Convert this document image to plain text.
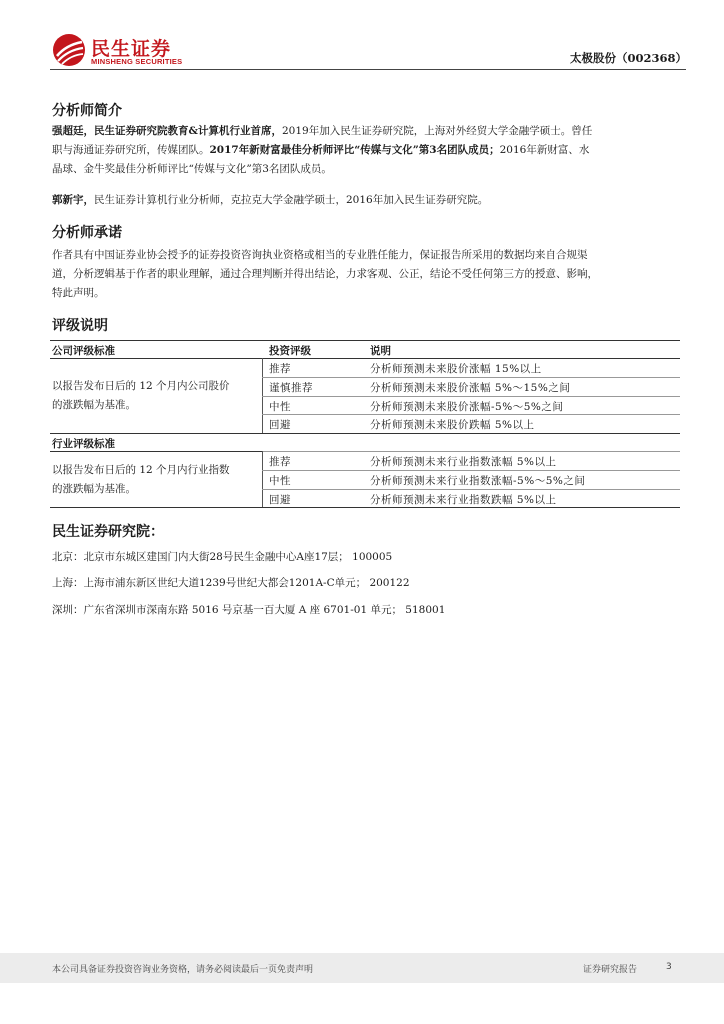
民生证券
MINSHENG SECURITIES	太极股份（002368）
分析师简介
强超廷，民生证券研究院教育&计算机行业首席，2019年加入民生证券研究院，上海对外经贸大学金融学硕士。曾任
职与海通证券研究所，传媒团队。2017年新财富最佳分析师评比“传媒与文化”第3名团队成员；2016年新财富、水
晶球、金牛奖最佳分析师评比“传媒与文化”第3名团队成员。
郭新宇，民生证券计算机行业分析师，克拉克大学金融学硕士，2016年加入民生证券研究院。
分析师承诺
作者具有中国证券业协会授予的证券投资咨询执业资格或相当的专业胜任能力，保证报告所采用的数据均来自合规渠
道，分析逻辑基于作者的职业理解，通过合理判断并得出结论，力求客观、公正，结论不受任何第三方的授意、影响，
特此声明。
评级说明
公司评级标准	投资评级	说明
以报告发布日后的 12 个月内公司股价
的涨跌幅为基准。
推荐	分析师预测未来股价涨幅 15%以上
谨慎推荐	分析师预测未来股价涨幅 5%～15%之间
中性	分析师预测未来股价涨幅-5%～5%之间
回避	分析师预测未来股价跌幅 5%以上
行业评级标准
以报告发布日后的 12 个月内行业指数
的涨跌幅为基准。
推荐	分析师预测未来行业指数涨幅 5%以上
中性	分析师预测未来行业指数涨幅-5%～5%之间
回避	分析师预测未来行业指数跌幅 5%以上
民生证券研究院：
北京：北京市东城区建国门内大街28号民生金融中心A座17层； 100005
上海：上海市浦东新区世纪大道1239号世纪大都会1201A-C单元； 200122
深圳：广东省深圳市深南东路 5016 号京基一百大厦 A 座 6701-01 单元； 518001
本公司具备证券投资咨询业务资格，请务必阅读最后一页免责声明	证券研究报告	3
